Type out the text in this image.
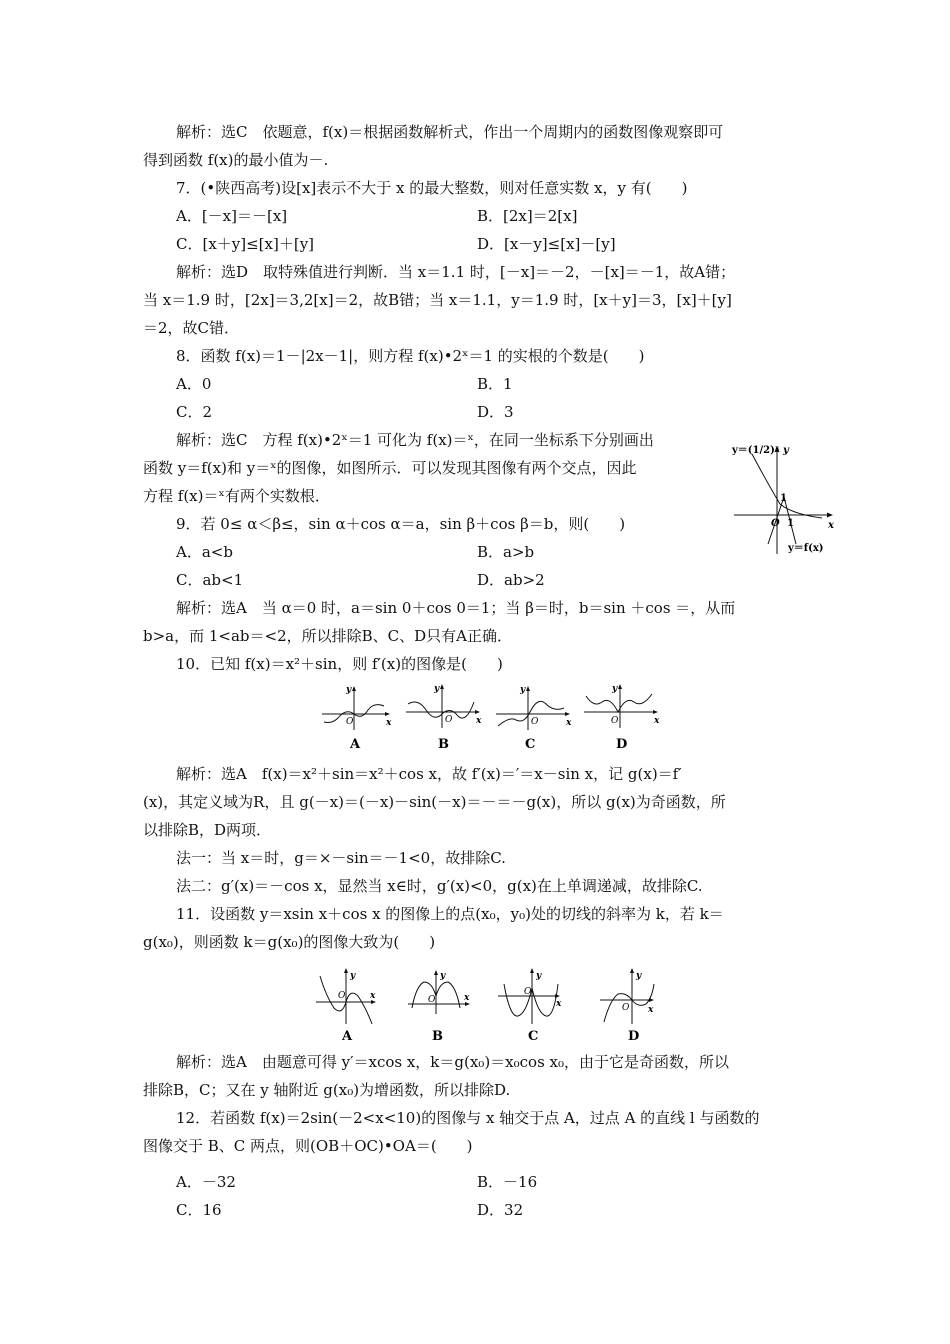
解析：选C　依题意，f(x)＝根据函数解析式，作出一个周期内的函数图像观察即可
得到函数 f(x)的最小值为－.
7．(•陕西高考)设[x]表示不大于 x 的最大整数，则对任意实数 x，y 有(　　)
A．[－x]＝－[x]	B．[2x]＝2[x]
C．[x＋y]≤[x]＋[y]	D．[x－y]≤[x]－[y]
解析：选D　取特殊值进行判断．当 x＝1.1 时，[－x]＝－2，－[x]＝－1，故A错；
当 x＝1.9 时，[2x]＝3,2[x]＝2，故B错；当 x＝1.1，y＝1.9 时，[x＋y]＝3，[x]＋[y]
＝2，故C错．
8．函数 f(x)＝1－|2x－1|，则方程 f(x)•2ˣ＝1 的实根的个数是(　　)
A．0	B．1
C．2	D．3
解析：选C　方程 f(x)•2ˣ＝1 可化为 f(x)＝ˣ，在同一坐标系下分别画出
函数 y＝f(x)和 y＝ˣ的图像，如图所示．可以发现其图像有两个交点，因此
方程 f(x)＝ˣ有两个实数根．
9．若 0≤ α＜β≤，sin α＋cos α＝a，sin β＋cos β＝b，则(　　)
A．a<b	B．a>b
C．ab<1	D．ab>2
解析：选A　当 α＝0 时，a＝sin 0＋cos 0＝1；当 β＝时，b＝sin ＋cos ＝，从而
b>a，而 1<ab＝<2，所以排除B、C、D只有A正确．
10．已知 f(x)＝x²＋sin，则 f′(x)的图像是(　　)
解析：选A　f(x)＝x²＋sin＝x²＋cos x，故 f′(x)＝′＝x－sin x，记 g(x)＝f′
(x)，其定义域为R，且 g(－x)＝(－x)－sin(－x)＝－＝－g(x)，所以 g(x)为奇函数，所
以排除B，D两项．
法一：当 x＝时，g＝×－sin＝－1<0，故排除C.
法二：g′(x)＝－cos x，显然当 x∈时，g′(x)<0，g(x)在上单调递减，故排除C.
11．设函数 y＝xsin x＋cos x 的图像上的点(x₀，y₀)处的切线的斜率为 k，若 k＝
g(x₀)，则函数 k＝g(x₀)的图像大致为(　　)
解析：选A　由题意可得 y′＝xcos x，k＝g(x₀)＝x₀cos x₀，由于它是奇函数，所以
排除B，C；又在 y 轴附近 g(x₀)为增函数，所以排除D.
12．若函数 f(x)＝2sin(－2<x<10)的图像与 x 轴交于点 A，过点 A 的直线 l 与函数的
图像交于 B、C 两点，则(OB＋OC)•OA＝(　　)
A．－32	B．－16
C．16	D．32
y＝(1/2)ˣ y
1
O 1	x
y＝f(x)
y
x
O
A
y
x
O
B
y
x
O
C
y
x
O
D
y
x
O
A
y
x
O
B
y
x
O
C
y
x
O
D
